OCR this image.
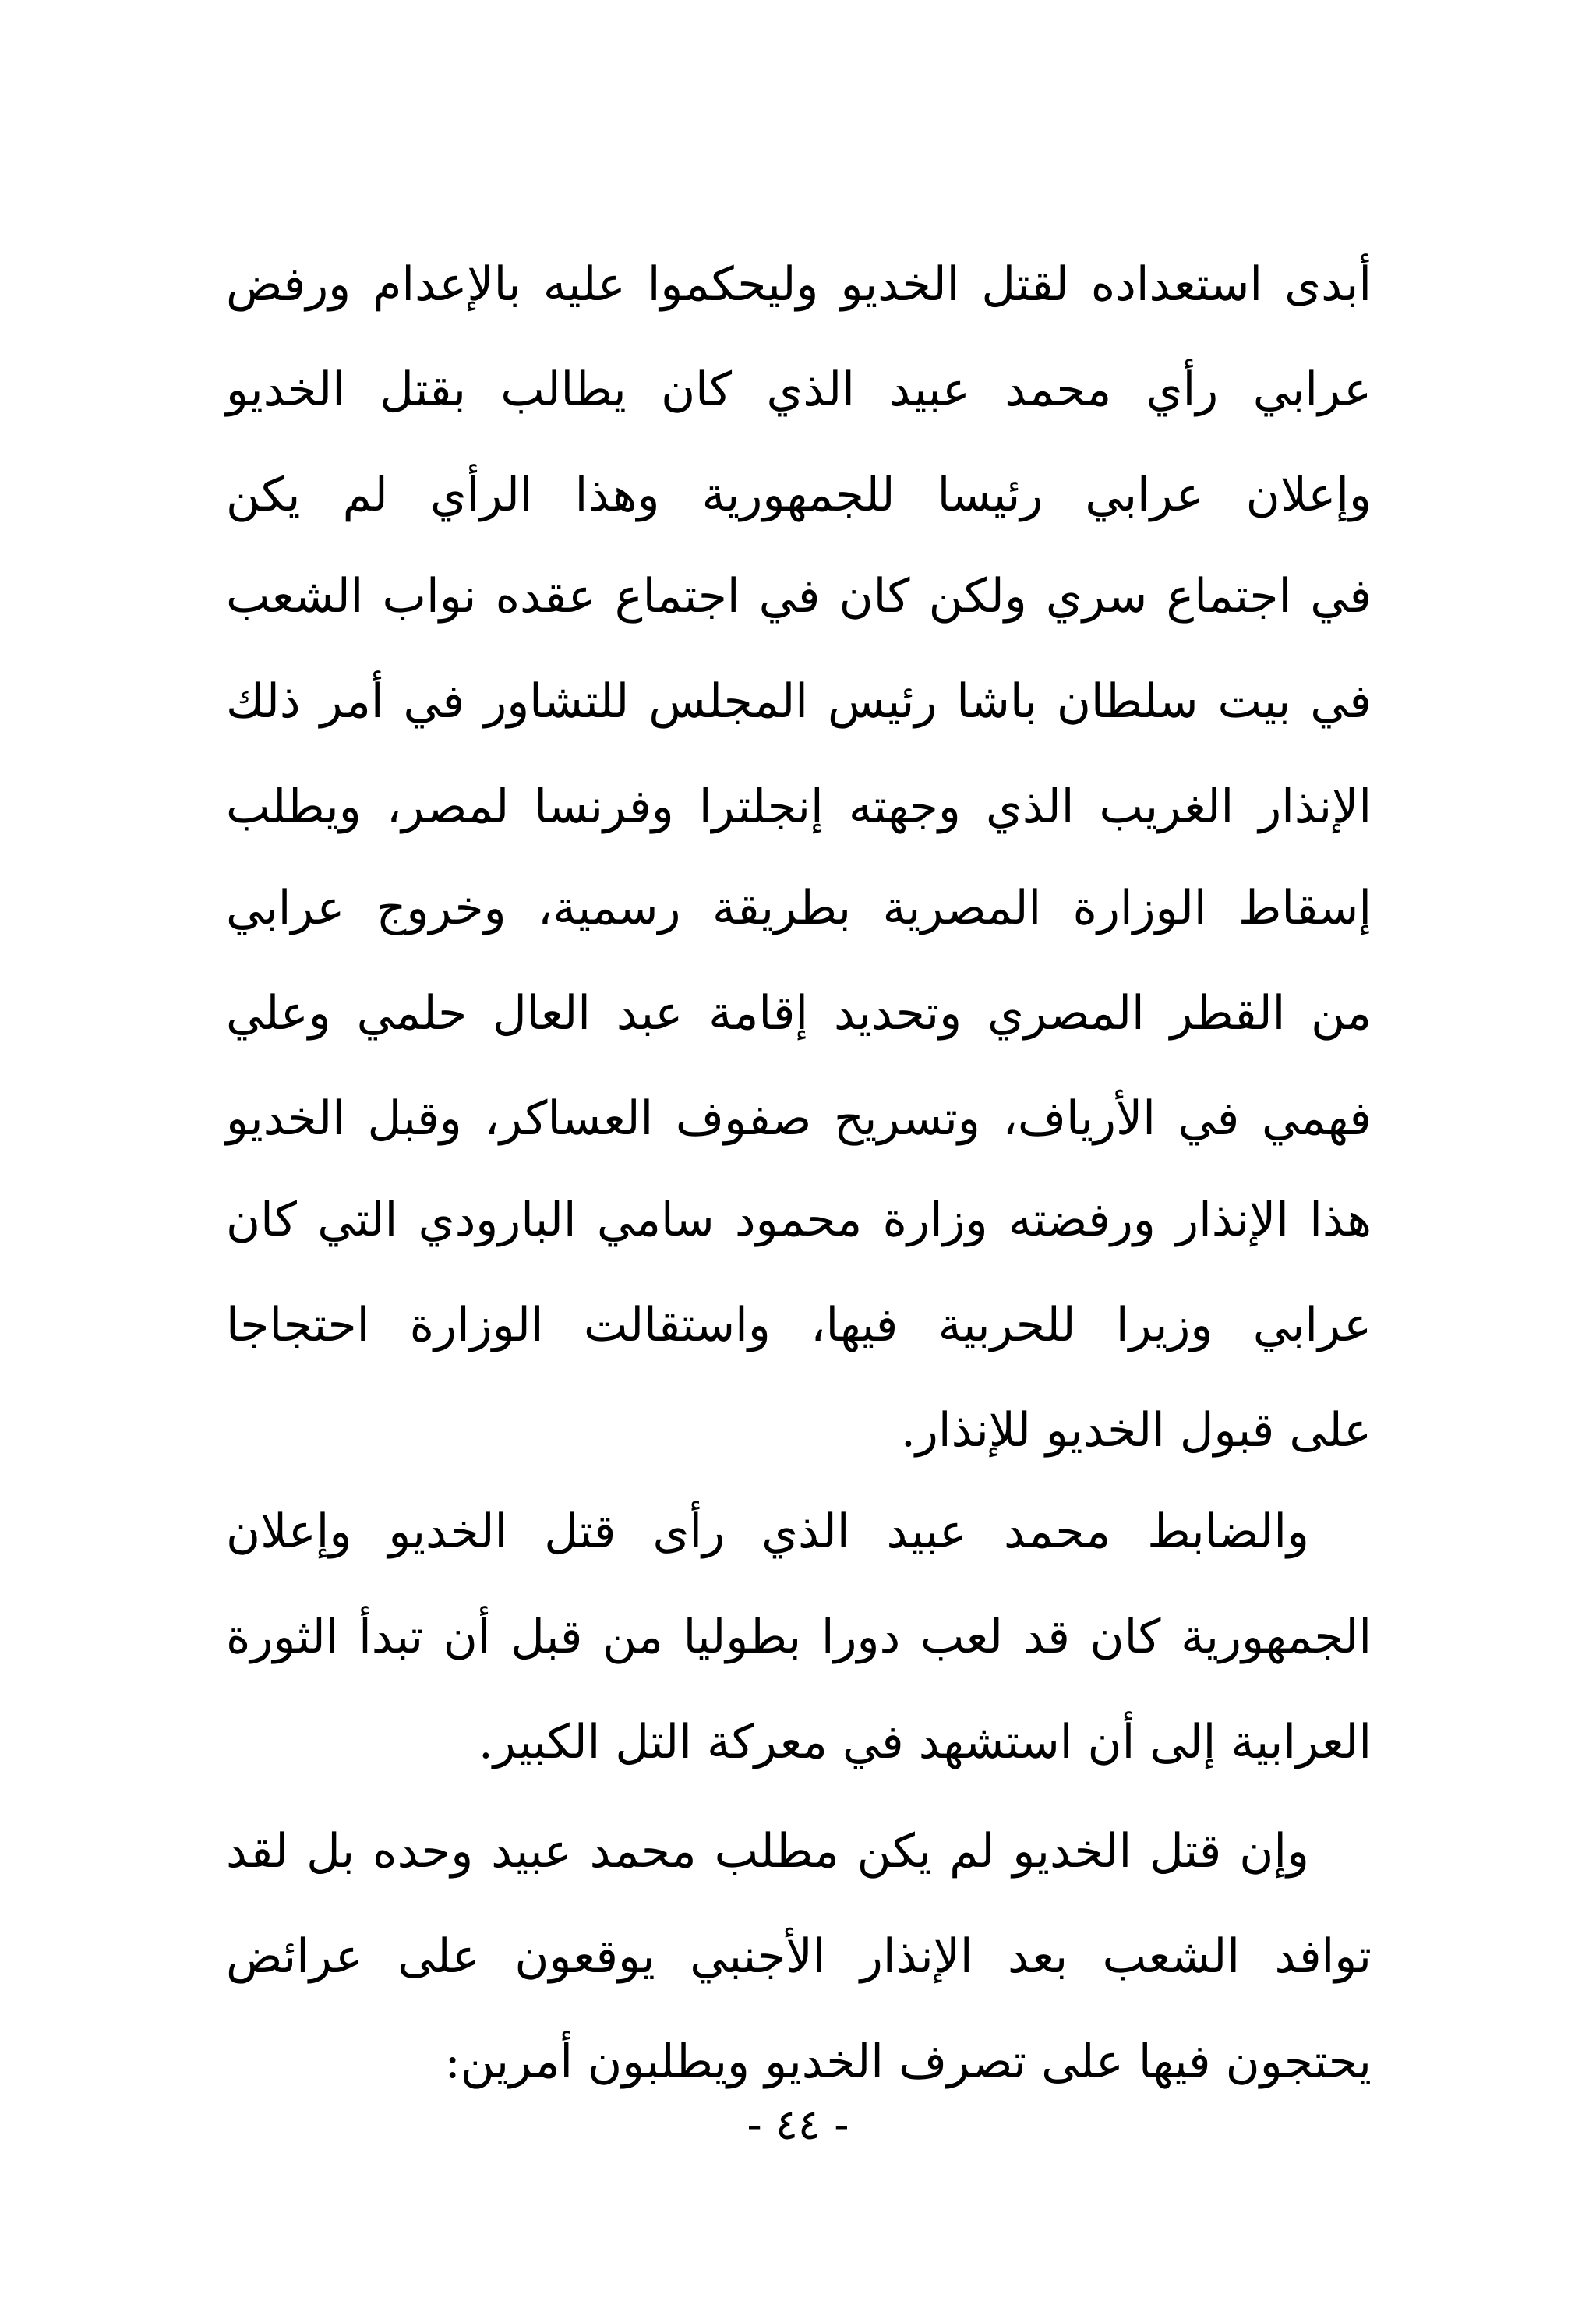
أبدى استعداده لقتل الخديو وليحكموا عليه بالإعدام ورفض
عرابي رأي محمد عبيد الذي كان يطالب بقتل الخديو
وإعلان عرابي رئيسا للجمهورية وهذا الرأي لم يكن
في اجتماع سري ولكن كان في اجتماع عقده نواب الشعب
في بيت سلطان باشا رئيس المجلس للتشاور في أمر ذلك
الإنذار الغريب الذي وجهته إنجلترا وفرنسا لمصر، ويطلب
إسقاط الوزارة المصرية بطريقة رسمية، وخروج عرابي
من القطر المصري وتحديد إقامة عبد العال حلمي وعلي
فهمي في الأرياف، وتسريح صفوف العساكر، وقبل الخديو
هذا الإنذار ورفضته وزارة محمود سامي البارودي التي كان
عرابي وزيرا للحربية فيها، واستقالت الوزارة احتجاجا
على قبول الخديو للإنذار.
والضابط محمد عبيد الذي رأى قتل الخديو وإعلان
الجمهورية كان قد لعب دورا بطوليا من قبل أن تبدأ الثورة
العرابية إلى أن استشهد في معركة التل الكبير.
وإن قتل الخديو لم يكن مطلب محمد عبيد وحده بل لقد
توافد الشعب بعد الإنذار الأجنبي يوقعون على عرائض
يحتجون فيها على تصرف الخديو ويطلبون أمرين:
- ٤٤ -
